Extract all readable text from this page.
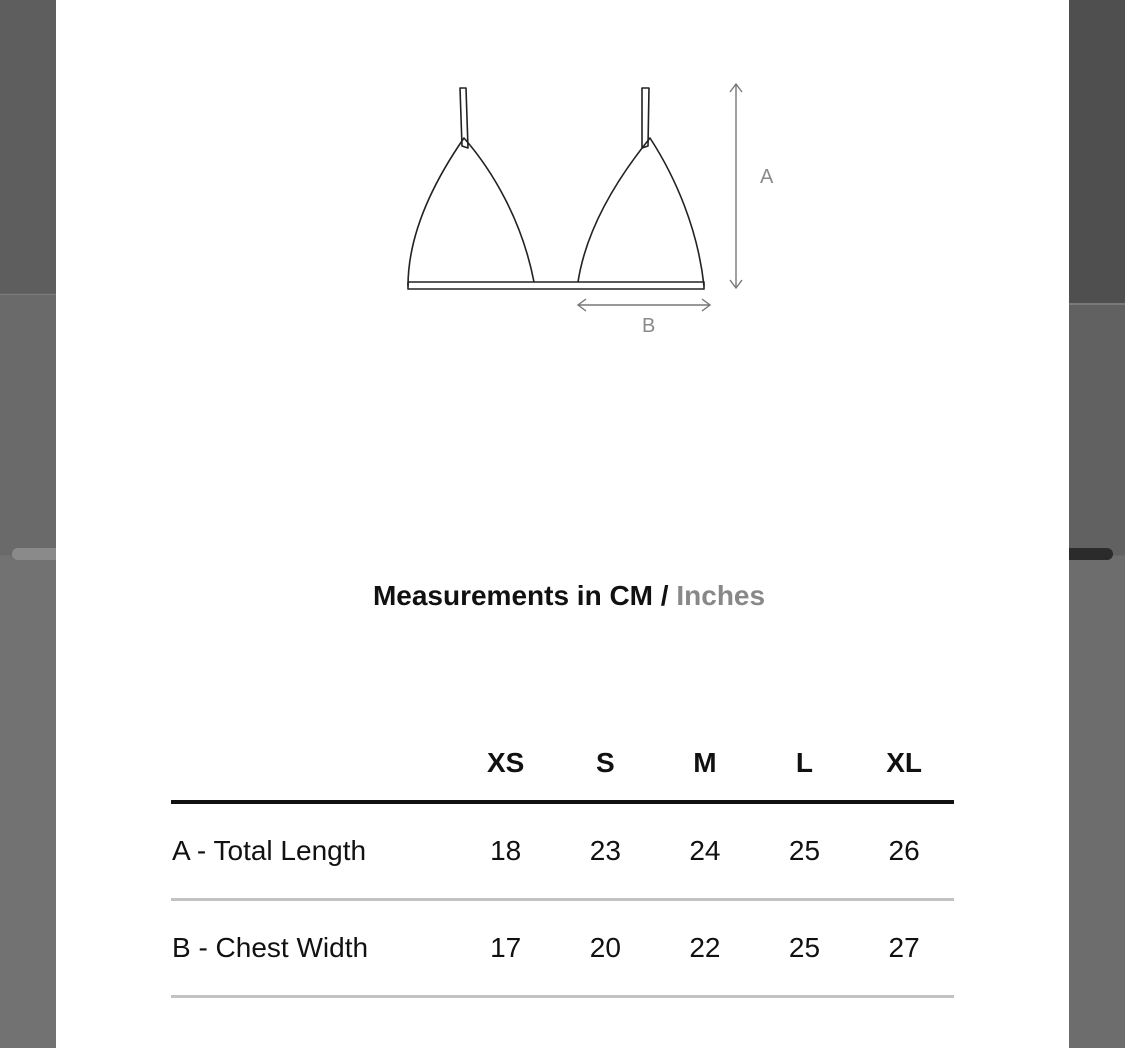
A
B
Measurements in CM / Inches
	XS	S	M	L	XL
A - Total Length	18	23	24	25	26
B - Chest Width	17	20	22	25	27
